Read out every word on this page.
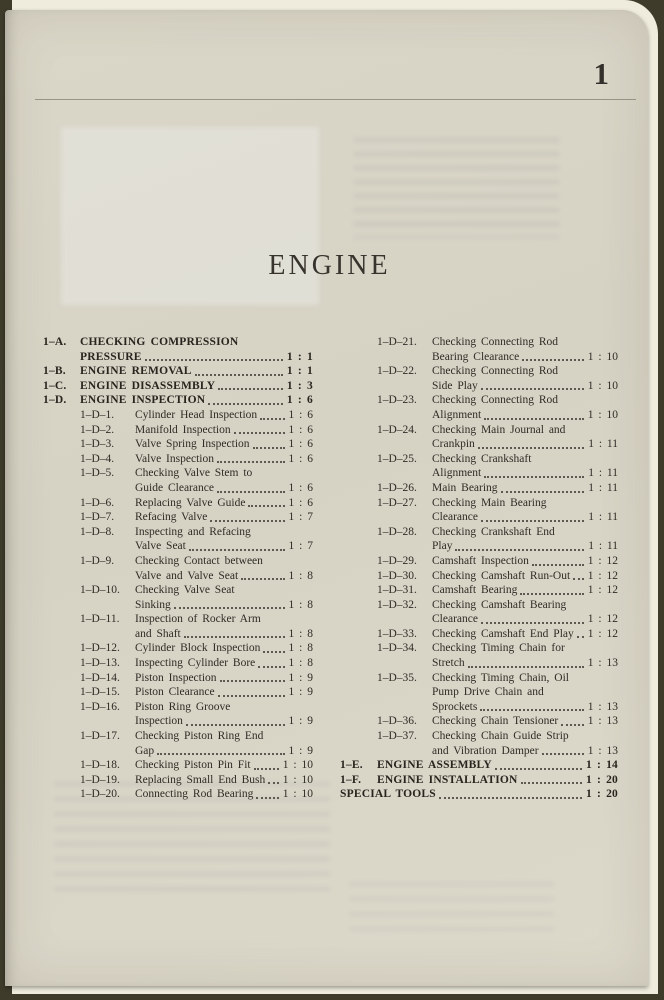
1
ENGINE
1–A.	CHECKING COMPRESSION
PRESSURE	1 : 1
1–B.	ENGINE REMOVAL	1 : 1
1–C.	ENGINE DISASSEMBLY	1 : 3
1–D.	ENGINE INSPECTION	1 : 6
1–D–1.	Cylinder Head Inspection	1 : 6
1–D–2.	Manifold Inspection	1 : 6
1–D–3.	Valve Spring Inspection	1 : 6
1–D–4.	Valve Inspection	1 : 6
1–D–5.	Checking Valve Stem to
Guide Clearance	1 : 6
1–D–6.	Replacing Valve Guide	1 : 6
1–D–7.	Refacing Valve	1 : 7
1–D–8.	Inspecting and Refacing
Valve Seat	1 : 7
1–D–9.	Checking Contact between
Valve and Valve Seat	1 : 8
1–D–10.	Checking Valve Seat
Sinking	1 : 8
1–D–11.	Inspection of Rocker Arm
and Shaft	1 : 8
1–D–12.	Cylinder Block Inspection 1 : 8
1–D–13.	Inspecting Cylinder Bore	1 : 8
1–D–14.	Piston Inspection	1 : 9
1–D–15.	Piston Clearance	1 : 9
1–D–16.	Piston Ring Groove
Inspection	1 : 9
1–D–17.	Checking Piston Ring End
Gap	1 : 9
1–D–18.	Checking Piston Pin Fit	1 : 10
1–D–19.	Replacing Small End Bush 1 : 10
1–D–20.	Connecting Rod Bearing	1 : 10
1–D–21.	Checking Connecting Rod
Bearing Clearance	1 : 10
1–D–22.	Checking Connecting Rod
Side Play	1 : 10
1–D–23.	Checking Connecting Rod
Alignment	1 : 10
1–D–24.	Checking Main Journal and
Crankpin	1 : 11
1–D–25.	Checking Crankshaft
Alignment	1 : 11
1–D–26.	Main Bearing	1 : 11
1–D–27.	Checking Main Bearing
Clearance	1 : 11
1–D–28.	Checking Crankshaft End
Play	1 : 11
1–D–29.	Camshaft Inspection	1 : 12
1–D–30.	Checking Camshaft Run-Out 1 : 12
1–D–31.	Camshaft Bearing	1 : 12
1–D–32.	Checking Camshaft Bearing
Clearance	1 : 12
1–D–33.	Checking Camshaft End Play 1 : 12
1–D–34.	Checking Timing Chain for
Stretch	1 : 13
1–D–35.	Checking Timing Chain, Oil
Pump Drive Chain and
Sprockets	1 : 13
1–D–36.	Checking Chain Tensioner	1 : 13
1–D–37.	Checking Chain Guide Strip
and Vibration Damper	1 : 13
1–E.	ENGINE ASSEMBLY	1 : 14
1–F.	ENGINE INSTALLATION	1 : 20
SPECIAL TOOLS	1 : 20
